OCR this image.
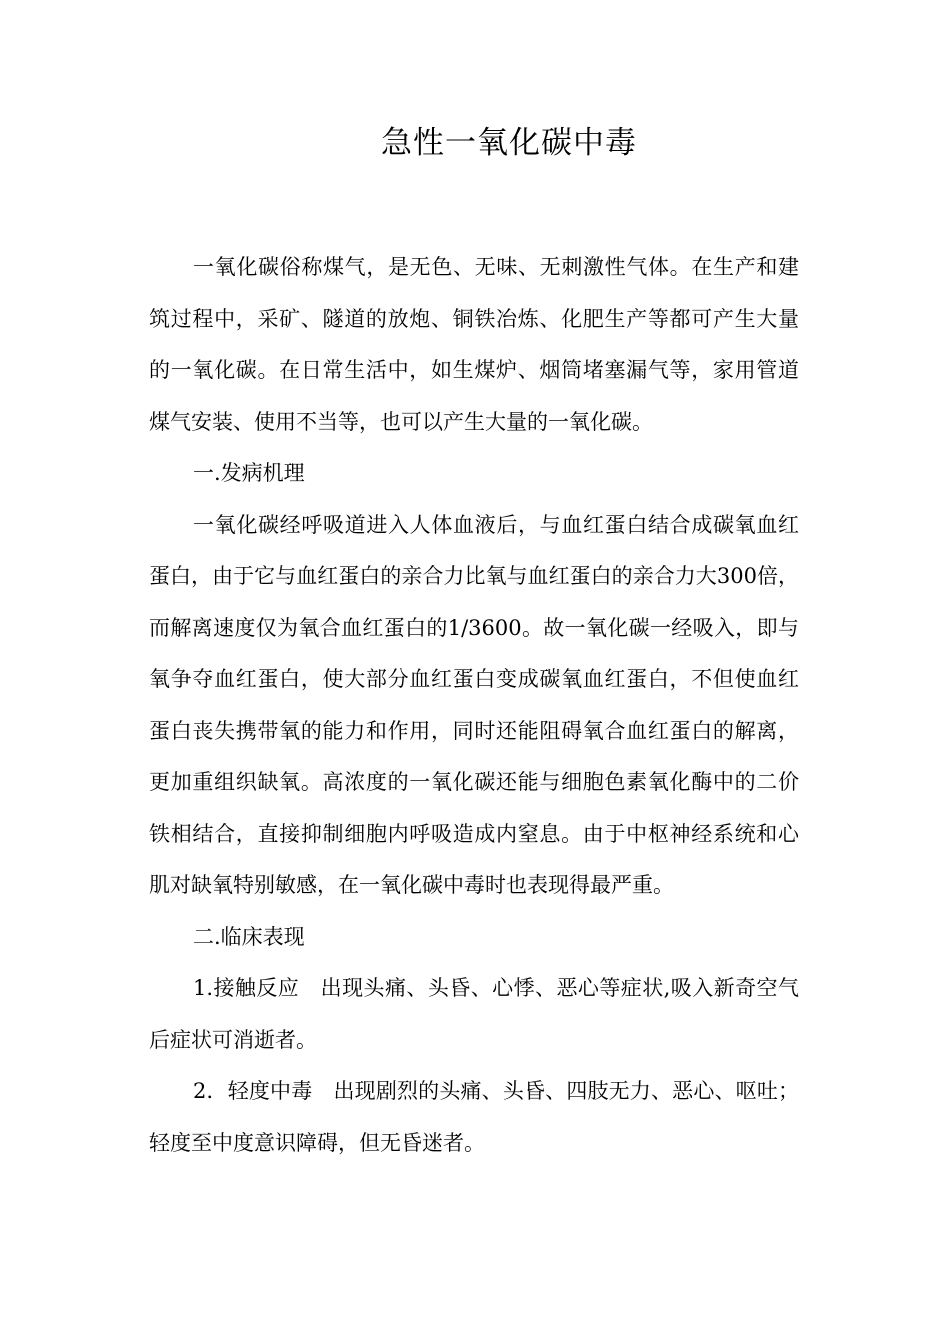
急性一氧化碳中毒

一氧化碳俗称煤气，是无色、无味、无刺激性气体。在生产和建筑过程中，采矿、隧道的放炮、铜铁冶炼、化肥生产等都可产生大量的一氧化碳。在日常生活中，如生煤炉、烟筒堵塞漏气等，家用管道煤气安装、使用不当等，也可以产生大量的一氧化碳。

一.发病机理

一氧化碳经呼吸道进入人体血液后，与血红蛋白结合成碳氧血红蛋白，由于它与血红蛋白的亲合力比氧与血红蛋白的亲合力大300倍，而解离速度仅为氧合血红蛋白的1/3600。故一氧化碳一经吸入，即与氧争夺血红蛋白，使大部分血红蛋白变成碳氧血红蛋白，不但使血红蛋白丧失携带氧的能力和作用，同时还能阻碍氧合血红蛋白的解离，更加重组织缺氧。高浓度的一氧化碳还能与细胞色素氧化酶中的二价铁相结合，直接抑制细胞内呼吸造成内窒息。由于中枢神经系统和心肌对缺氧特别敏感，在一氧化碳中毒时也表现得最严重。

二.临床表现

1.接触反应　出现头痛、头昏、心悸、恶心等症状,吸入新奇空气后症状可消逝者。

2．轻度中毒　出现剧烈的头痛、头昏、四肢无力、恶心、呕吐；轻度至中度意识障碍，但无昏迷者。
